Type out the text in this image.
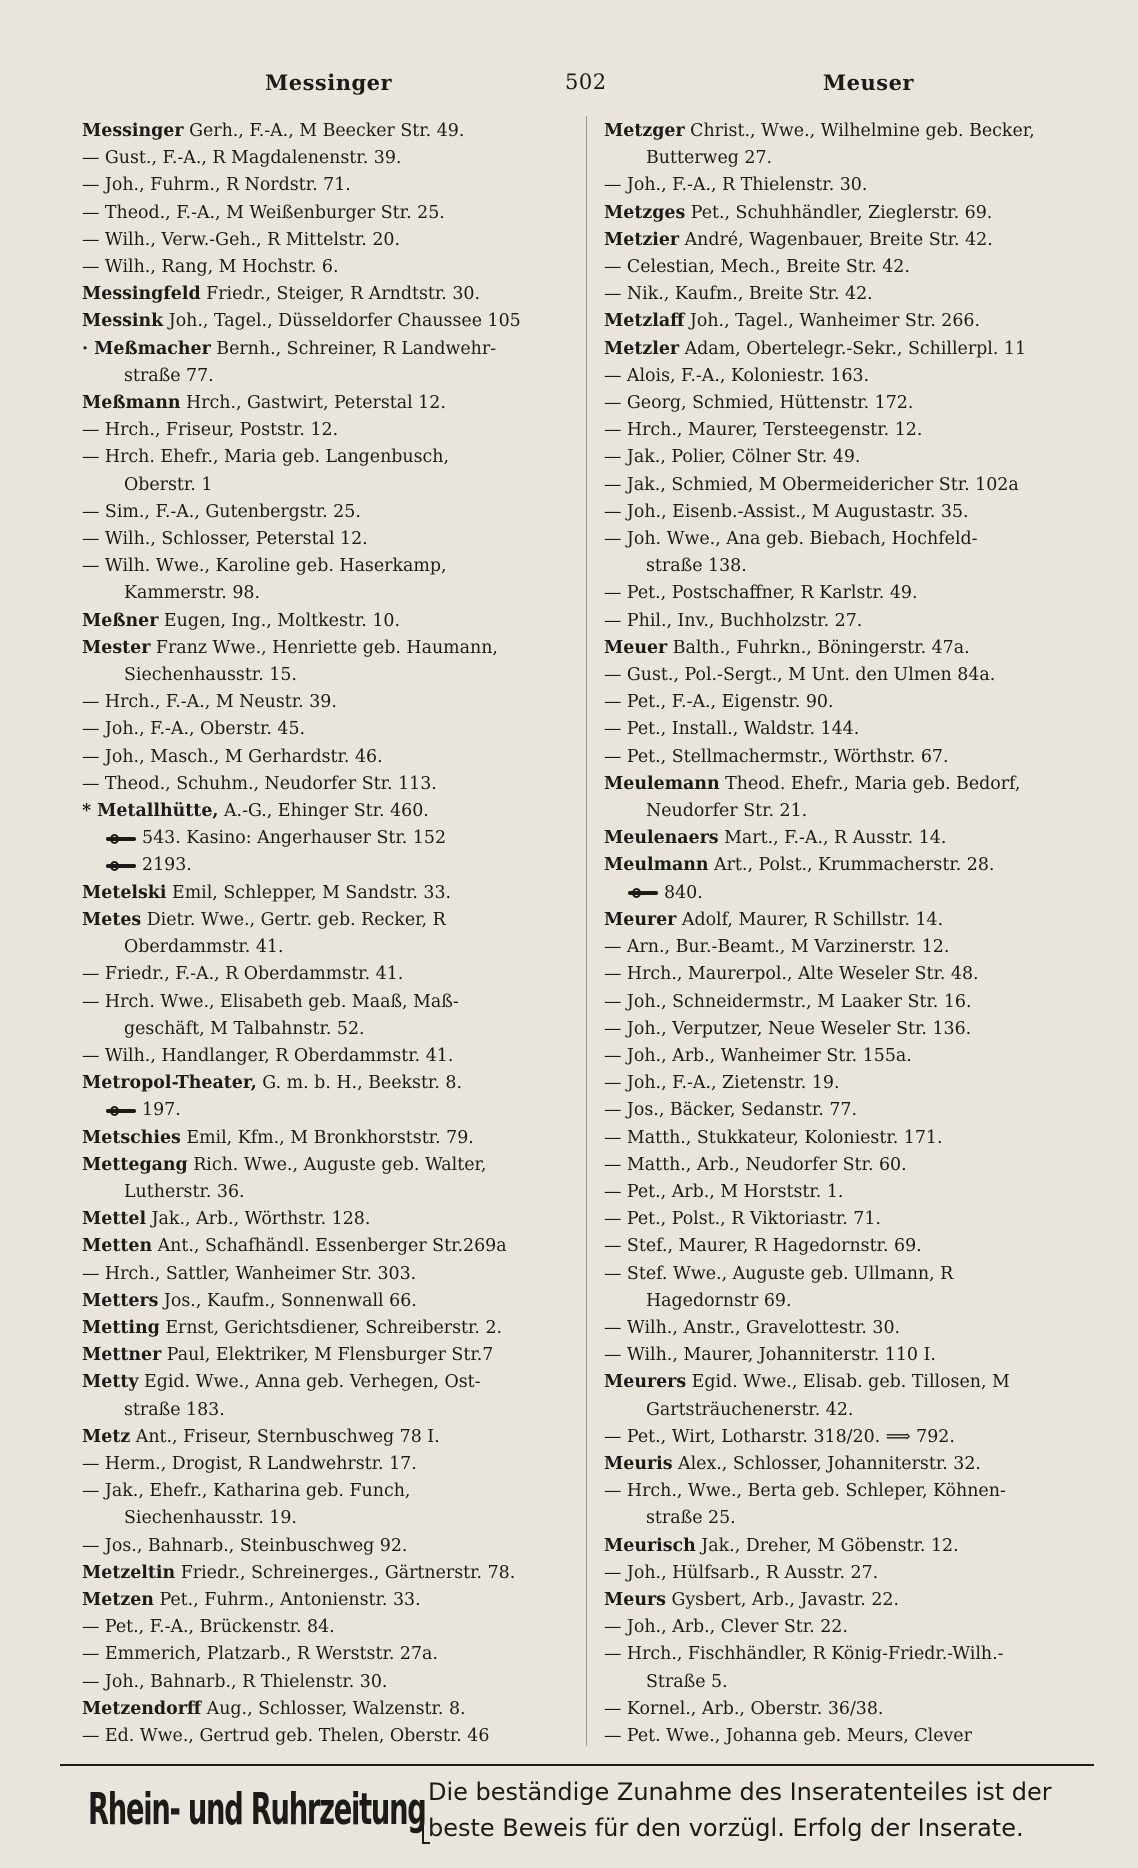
Messinger	502	Meuser
Messinger Gerh., F.-A., M Beecker Str. 49.
— Gust., F.-A., R Magdalenenstr. 39.
— Joh., Fuhrm., R Nordstr. 71.
— Theod., F.-A., M Weißenburger Str. 25.
— Wilh., Verw.-Geh., R Mittelstr. 20.
— Wilh., Rang, M Hochstr. 6.
Messingfeld Friedr., Steiger, R Arndtstr. 30.
Messink Joh., Tagel., Düsseldorfer Chaussee 105
· Meßmacher Bernh., Schreiner, R Landwehr-
straße 77.
Meßmann Hrch., Gastwirt, Peterstal 12.
— Hrch., Friseur, Poststr. 12.
— Hrch. Ehefr., Maria geb. Langenbusch,
Oberstr. 1
— Sim., F.-A., Gutenbergstr. 25.
— Wilh., Schlosser, Peterstal 12.
— Wilh. Wwe., Karoline geb. Haserkamp,
Kammerstr. 98.
Meßner Eugen, Ing., Moltkestr. 10.
Mester Franz Wwe., Henriette geb. Haumann,
Siechenhausstr. 15.
— Hrch., F.-A., M Neustr. 39.
— Joh., F.-A., Oberstr. 45.
— Joh., Masch., M Gerhardstr. 46.
— Theod., Schuhm., Neudorfer Str. 113.
* Metallhütte, A.-G., Ehinger Str. 460.
543. Kasino: Angerhauser Str. 152
2193.
Metelski Emil, Schlepper, M Sandstr. 33.
Metes Dietr. Wwe., Gertr. geb. Recker, R
Oberdammstr. 41.
— Friedr., F.-A., R Oberdammstr. 41.
— Hrch. Wwe., Elisabeth geb. Maaß, Maß-
geschäft, M Talbahnstr. 52.
— Wilh., Handlanger, R Oberdammstr. 41.
Metropol-Theater, G. m. b. H., Beekstr. 8.
197.
Metschies Emil, Kfm., M Bronkhorststr. 79.
Mettegang Rich. Wwe., Auguste geb. Walter,
Lutherstr. 36.
Mettel Jak., Arb., Wörthstr. 128.
Metten Ant., Schafhändl. Essenberger Str.269a
— Hrch., Sattler, Wanheimer Str. 303.
Metters Jos., Kaufm., Sonnenwall 66.
Metting Ernst, Gerichtsdiener, Schreiberstr. 2.
Mettner Paul, Elektriker, M Flensburger Str.7
Metty Egid. Wwe., Anna geb. Verhegen, Ost-
straße 183.
Metz Ant., Friseur, Sternbuschweg 78 I.
— Herm., Drogist, R Landwehrstr. 17.
— Jak., Ehefr., Katharina geb. Funch,
Siechenhausstr. 19.
— Jos., Bahnarb., Steinbuschweg 92.
Metzeltin Friedr., Schreinerges., Gärtnerstr. 78.
Metzen Pet., Fuhrm., Antonienstr. 33.
— Pet., F.-A., Brückenstr. 84.
— Emmerich, Platzarb., R Werststr. 27a.
— Joh., Bahnarb., R Thielenstr. 30.
Metzendorff Aug., Schlosser, Walzenstr. 8.
— Ed. Wwe., Gertrud geb. Thelen, Oberstr. 46
Metzger Christ., Wwe., Wilhelmine geb. Becker,
Butterweg 27.
— Joh., F.-A., R Thielenstr. 30.
Metzges Pet., Schuhhändler, Zieglerstr. 69.
Metzier André, Wagenbauer, Breite Str. 42.
— Celestian, Mech., Breite Str. 42.
— Nik., Kaufm., Breite Str. 42.
Metzlaff Joh., Tagel., Wanheimer Str. 266.
Metzler Adam, Obertelegr.-Sekr., Schillerpl. 11
— Alois, F.-A., Koloniestr. 163.
— Georg, Schmied, Hüttenstr. 172.
— Hrch., Maurer, Tersteegenstr. 12.
— Jak., Polier, Cölner Str. 49.
— Jak., Schmied, M Obermeidericher Str. 102a
— Joh., Eisenb.-Assist., M Augustastr. 35.
— Joh. Wwe., Ana geb. Biebach, Hochfeld-
straße 138.
— Pet., Postschaffner, R Karlstr. 49.
— Phil., Inv., Buchholzstr. 27.
Meuer Balth., Fuhrkn., Böningerstr. 47a.
— Gust., Pol.-Sergt., M Unt. den Ulmen 84a.
— Pet., F.-A., Eigenstr. 90.
— Pet., Install., Waldstr. 144.
— Pet., Stellmachermstr., Wörthstr. 67.
Meulemann Theod. Ehefr., Maria geb. Bedorf,
Neudorfer Str. 21.
Meulenaers Mart., F.-A., R Ausstr. 14.
Meulmann Art., Polst., Krummacherstr. 28.
840.
Meurer Adolf, Maurer, R Schillstr. 14.
— Arn., Bur.-Beamt., M Varzinerstr. 12.
— Hrch., Maurerpol., Alte Weseler Str. 48.
— Joh., Schneidermstr., M Laaker Str. 16.
— Joh., Verputzer, Neue Weseler Str. 136.
— Joh., Arb., Wanheimer Str. 155a.
— Joh., F.-A., Zietenstr. 19.
— Jos., Bäcker, Sedanstr. 77.
— Matth., Stukkateur, Koloniestr. 171.
— Matth., Arb., Neudorfer Str. 60.
— Pet., Arb., M Horststr. 1.
— Pet., Polst., R Viktoriastr. 71.
— Stef., Maurer, R Hagedornstr. 69.
— Stef. Wwe., Auguste geb. Ullmann, R
Hagedornstr 69.
— Wilh., Anstr., Gravelottestr. 30.
— Wilh., Maurer, Johanniterstr. 110 I.
Meurers Egid. Wwe., Elisab. geb. Tillosen, M
Gartsträuchenerstr. 42.
— Pet., Wirt, Lotharstr. 318/20. ⟹ 792.
Meuris Alex., Schlosser, Johanniterstr. 32.
— Hrch., Wwe., Berta geb. Schleper, Köhnen-
straße 25.
Meurisch Jak., Dreher, M Göbenstr. 12.
— Joh., Hülfsarb., R Ausstr. 27.
Meurs Gysbert, Arb., Javastr. 22.
— Joh., Arb., Clever Str. 22.
— Hrch., Fischhändler, R König-Friedr.-Wilh.-
Straße 5.
— Kornel., Arb., Oberstr. 36/38.
— Pet. Wwe., Johanna geb. Meurs, Clever
Rhein- und Ruhrzeitung Die beständige Zunahme des Inseratenteiles ist der
beste Beweis für den vorzügl. Erfolg der Inserate.
